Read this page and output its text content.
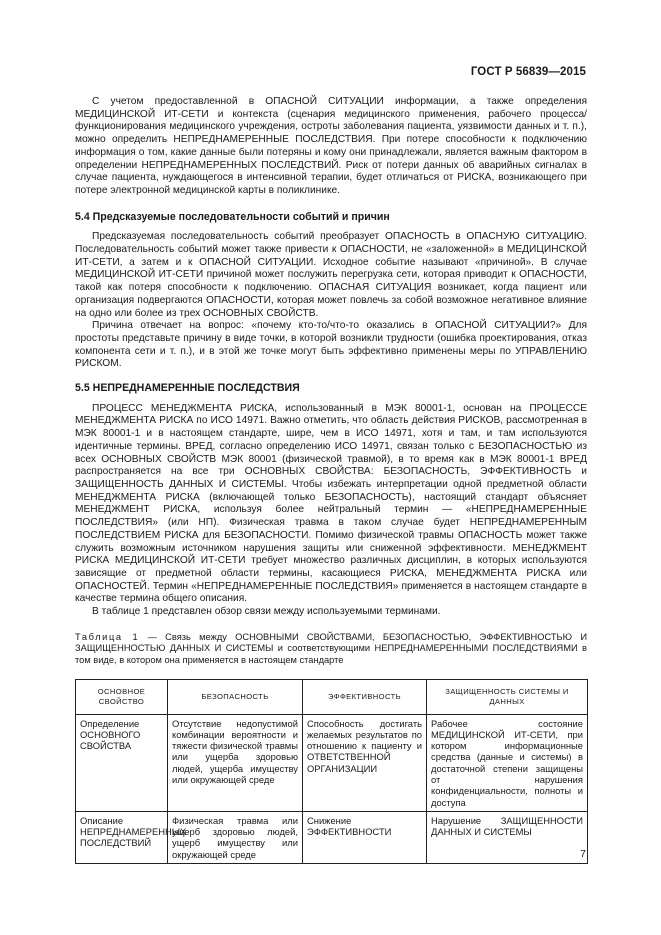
ГОСТ Р 56839—2015

С учетом предоставленной в ОПАСНОЙ СИТУАЦИИ информации, а также определения МЕДИЦИНСКОЙ ИТ-СЕТИ и контекста (сценария медицинского применения, рабочего процесса/функционирования медицинского учреждения, остроты заболевания пациента, уязвимости данных и т. п.), можно определить НЕПРЕДНАМЕРЕННЫЕ ПОСЛЕДСТВИЯ. При потере способности к подключению информация о том, какие данные были потеряны и кому они принадлежали, является важным фактором в определении НЕПРЕДНАМЕРЕННЫХ ПОСЛЕДСТВИЙ. Риск от потери данных об аварийных сигналах в случае пациента, нуждающегося в интенсивной терапии, будет отличаться от РИСКА, возникающего при потере электронной медицинской карты в поликлинике.

5.4 Предсказуемые последовательности событий и причин

Предсказуемая последовательность событий преобразует ОПАСНОСТЬ в ОПАСНУЮ СИТУАЦИЮ. Последовательность событий может также привести к ОПАСНОСТИ, не «заложенной» в МЕДИЦИНСКОЙ ИТ-СЕТИ, а затем и к ОПАСНОЙ СИТУАЦИИ. Исходное событие называют «причиной». В случае МЕДИЦИНСКОЙ ИТ-СЕТИ причиной может послужить перегрузка сети, которая приводит к ОПАСНОСТИ, такой как потеря способности к подключению. ОПАСНАЯ СИТУАЦИЯ возникает, когда пациент или организация подвергаются ОПАСНОСТИ, которая может повлечь за собой возможное негативное влияние на одно или более из трех ОСНОВНЫХ СВОЙСТВ.

Причина отвечает на вопрос: «почему кто-то/что-то оказались в ОПАСНОЙ СИТУАЦИИ?» Для простоты представьте причину в виде точки, в которой возникли трудности (ошибка проектирования, отказ компонента сети и т. п.), и в этой же точке могут быть эффективно применены меры по УПРАВЛЕНИЮ РИСКОМ.

5.5 НЕПРЕДНАМЕРЕННЫЕ ПОСЛЕДСТВИЯ

ПРОЦЕСС МЕНЕДЖМЕНТА РИСКА, использованный в МЭК 80001-1, основан на ПРОЦЕССЕ МЕНЕДЖМЕНТА РИСКА по ИСО 14971. Важно отметить, что область действия РИСКОВ, рассмотренная в МЭК 80001-1 и в настоящем стандарте, шире, чем в ИСО 14971, хотя и там, и там используются идентичные термины. ВРЕД, согласно определению ИСО 14971, связан только с БЕЗОПАСНОСТЬЮ из всех ОСНОВНЫХ СВОЙСТВ МЭК 80001 (физической травмой), в то время как в МЭК 80001-1 ВРЕД распространяется на все три ОСНОВНЫХ СВОЙСТВА: БЕЗОПАСНОСТЬ, ЭФФЕКТИВНОСТЬ и ЗАЩИЩЕННОСТЬ ДАННЫХ И СИСТЕМЫ. Чтобы избежать интерпретации одной предметной области МЕНЕДЖМЕНТА РИСКА (включающей только БЕЗОПАСНОСТЬ), настоящий стандарт объясняет МЕНЕДЖМЕНТ РИСКА, используя более нейтральный термин — «НЕПРЕДНАМЕРЕННЫЕ ПОСЛЕДСТВИЯ» (или НП). Физическая травма в таком случае будет НЕПРЕДНАМЕРЕННЫМ ПОСЛЕДСТВИЕМ РИСКА для БЕЗОПАСНОСТИ. Помимо физической травмы ОПАСНОСТЬ может также служить возможным источником нарушения защиты или сниженной эффективности. МЕНЕДЖМЕНТ РИСКА МЕДИЦИНСКОЙ ИТ-СЕТИ требует множество различных дисциплин, в которых используются зависящие от предметной области термины, касающиеся РИСКА, МЕНЕДЖМЕНТА РИСКА или ОПАСНОСТЕЙ. Термин «НЕПРЕДНАМЕРЕННЫЕ ПОСЛЕДСТВИЯ» применяется в настоящем стандарте в качестве термина общего описания.

В таблице 1 представлен обзор связи между используемыми терминами.

Таблица 1 — Связь между ОСНОВНЫМИ СВОЙСТВАМИ, БЕЗОПАСНОСТЬЮ, ЭФФЕКТИВНОСТЬЮ И ЗАЩИЩЕННОСТЬЮ ДАННЫХ И СИСТЕМЫ и соответствующими НЕПРЕДНАМЕРЕННЫМИ ПОСЛЕДСТВИЯМИ в том виде, в котором она применяется в настоящем стандарте
ОСНОВНОЕ СВОЙСТВО	БЕЗОПАСНОСТЬ	ЭФФЕКТИВНОСТЬ	ЗАЩИЩЕННОСТЬ СИСТЕМЫ И ДАННЫХ
Определение ОСНОВНОГО СВОЙСТВА	Отсутствие недопустимой комбинации вероятности и тяжести физической травмы или ущерба здоровью людей, ущерба имуществу или окружающей среде	Способность достигать желаемых результатов по отношению к пациенту и ОТВЕТСТВЕННОЙ ОРГАНИЗАЦИИ	Рабочее состояние МЕДИЦИНСКОЙ ИТ-СЕТИ, при котором информационные средства (данные и системы) в достаточной степени защищены от нарушения конфиденциальности, полноты и доступа
Описание НЕПРЕДНАМЕРЕННЫХ ПОСЛЕДСТВИЙ	Физическая травма или ущерб здоровью людей, ущерб имуществу или окружающей среде	Снижение ЭФФЕКТИВНОСТИ	Нарушение ЗАЩИЩЕННОСТИ ДАННЫХ И СИСТЕМЫ
7
